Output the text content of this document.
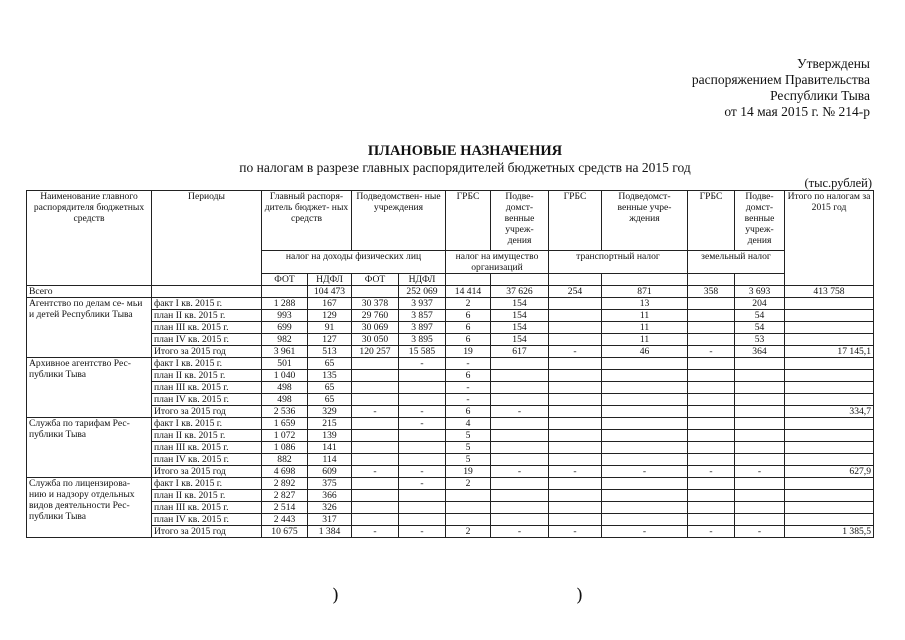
Утверждены
распоряжением Правительства
Республики Тыва
от 14 мая 2015 г. № 214-р
ПЛАНОВЫЕ НАЗНАЧЕНИЯ
по налогам в разрезе главных распорядителей бюджетных средств на 2015 год
(тыс.рублей)
Наименование главного распорядителя бюджетных средств	Периоды	Главный распоря- дитель бюджет- ных средств		Подведомствен- ные учреждения		ГРБС	Подве- домст- венные учреж- дения	ГРБС	Подведомст- венные учре- ждения	ГРБС	Подве- домст- венные учреж- дения	Итого по налогам за 2015 год
		налог на доходы физических лиц				налог на имущество организаций		транспортный налог		земельный налог		
		ФОТ	НДФЛ	ФОТ	НДФЛ							
Всего			104 473		252 069	14 414	37 626	254	871	358	3 693	413 758
Агентство по делам се- мьи и детей Республики Тыва	факт I кв. 2015 г.	1 288	167	30 378	3 937	2	154		13		204	
	план II кв. 2015 г.	993	129	29 760	3 857	6	154		11		54	
	план III кв. 2015 г.	699	91	30 069	3 897	6	154		11		54	
	план IV кв. 2015 г.	982	127	30 050	3 895	6	154		11		53	
	Итого за 2015 год	3 961	513	120 257	15 585	19	617	-	46	-	364	17 145,1
Архивное агентство Рес- публики Тыва	факт I кв. 2015 г.	501	65		-	-						
	план II кв. 2015 г.	1 040	135			6						
	план III кв. 2015 г.	498	65			-						
	план IV кв. 2015 г.	498	65			-						
	Итого за 2015 год	2 536	329	-	-	6	-					334,7
Служба по тарифам Рес- публики Тыва	факт I кв. 2015 г.	1 659	215		-	4						
	план II кв. 2015 г.	1 072	139			5						
	план III кв. 2015 г.	1 086	141			5						
	план IV кв. 2015 г.	882	114			5						
	Итого за 2015 год	4 698	609	-	-	19	-	-	-	-	-	627,9
Служба по лицензирова- нию и надзору отдельных видов деятельности Рес- публики Тыва	факт I кв. 2015 г.	2 892	375		-	2						
	план II кв. 2015 г.	2 827	366									
	план III кв. 2015 г.	2 514	326									
	план IV кв. 2015 г.	2 443	317									
	Итого за 2015 год	10 675	1 384	-	-	2	-	-	-	-	-	1 385,5
)	)
